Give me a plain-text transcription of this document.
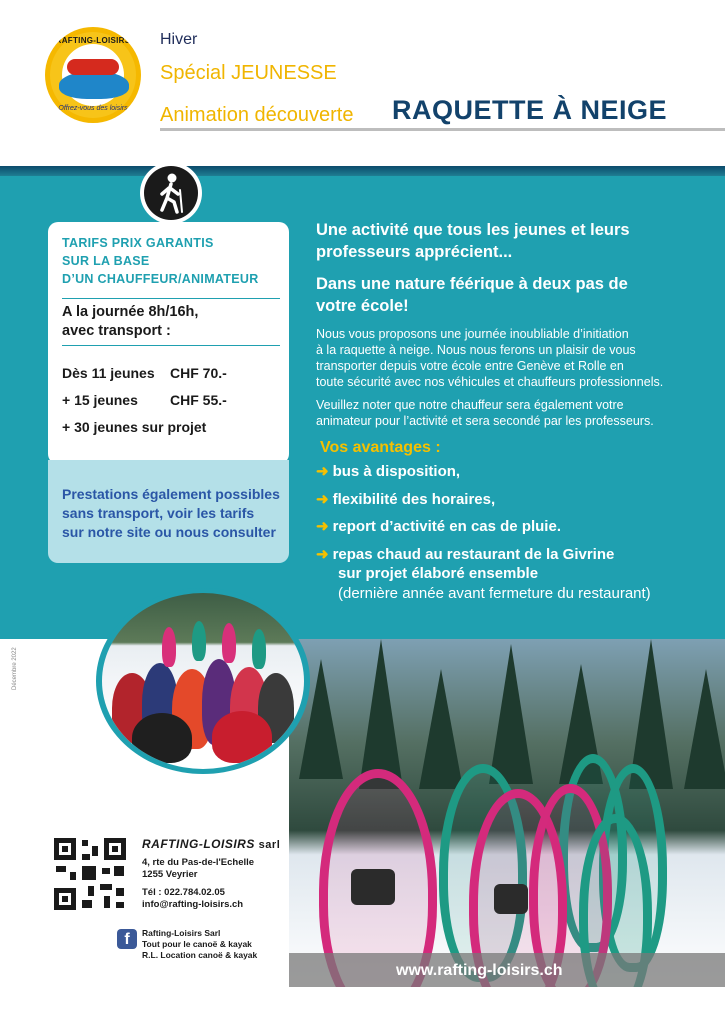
RAFTING-LOISIRS
Offrez-vous des loisirs
Hiver
Spécial JEUNESSE
Animation découverte RAQUETTE À NEIGE
TARIFS PRIX GARANTIS
SUR LA BASE
D’UN CHAUFFEUR/ANIMATEUR
A la journée 8h/16h,
avec transport :
Dès 11 jeunes CHF 70.-
+ 15 jeunes CHF 55.-
+ 30 jeunes sur projet
Prestations également possibles
sans transport, voir les tarifs
sur notre site ou nous consulter
Une activité que tous les jeunes et leurs
professeurs apprécient...
Dans une nature féérique à deux pas de
votre école!
Nous vous proposons une journée inoubliable d’initiation
à la raquette à neige. Nous nous ferons un plaisir de vous
transporter depuis votre école entre Genève et Rolle en
toute sécurité avec nos véhicules et chauffeurs professionnels.
Veuillez noter que notre chauffeur sera également votre
animateur pour l’activité et sera secondé par les professeurs.
Vos avantages :
➜ bus à disposition,
➜ flexibilité des horaires,
➜ report d’activité en cas de pluie.
➜ repas chaud au restaurant de la Givrine
sur projet élaboré ensemble
(dernière année avant fermeture du restaurant)
www.rafting-loisirs.ch
Décembre 2022
RAFTING-LOISIRS sarl
4, rte du Pas-de-l'Echelle
1255 Veyrier
Tél : 022.784.02.05
info@rafting-loisirs.ch
f	Rafting-Loisirs Sarl
Tout pour le canoë & kayak
R.L. Location canoë & kayak
